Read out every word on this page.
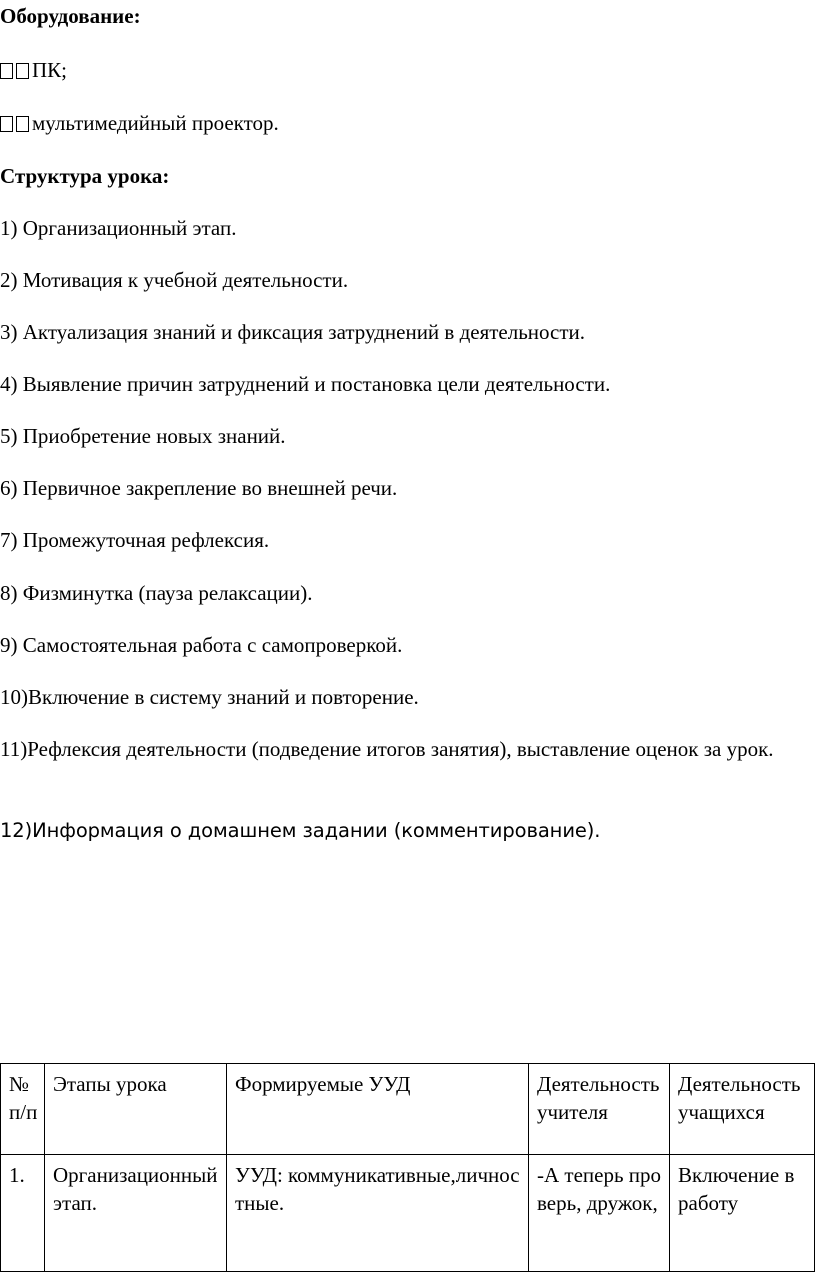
Оборудование:

ПК;

мультимедийный проектор.

Структура урока:

1) Организационный этап.

2) Мотивация к учебной деятельности.

3) Актуализация знаний и фиксация затруднений в деятельности.

4) Выявление причин затруднений и постановка цели деятельности.

5) Приобретение новых знаний.

6) Первичное закрепление во внешней речи.

7) Промежуточная рефлексия.

8) Физминутка (пауза релаксации).

9) Самостоятельная работа с самопроверкой.

10)Включение в систему знаний и повторение.

11)Рефлексия деятельности (подведение итогов занятия), выставление оценок за урок.

12)Информация о домашнем задании (комментирование).

№ п/п	Этапы урока	Формируемые УУД	Деятельность учителя	Деятельность учащихся
1.	Организационный этап.	УУД: коммуникативные,личностные.	-А теперь проверь, дружок,	Включение в работу
